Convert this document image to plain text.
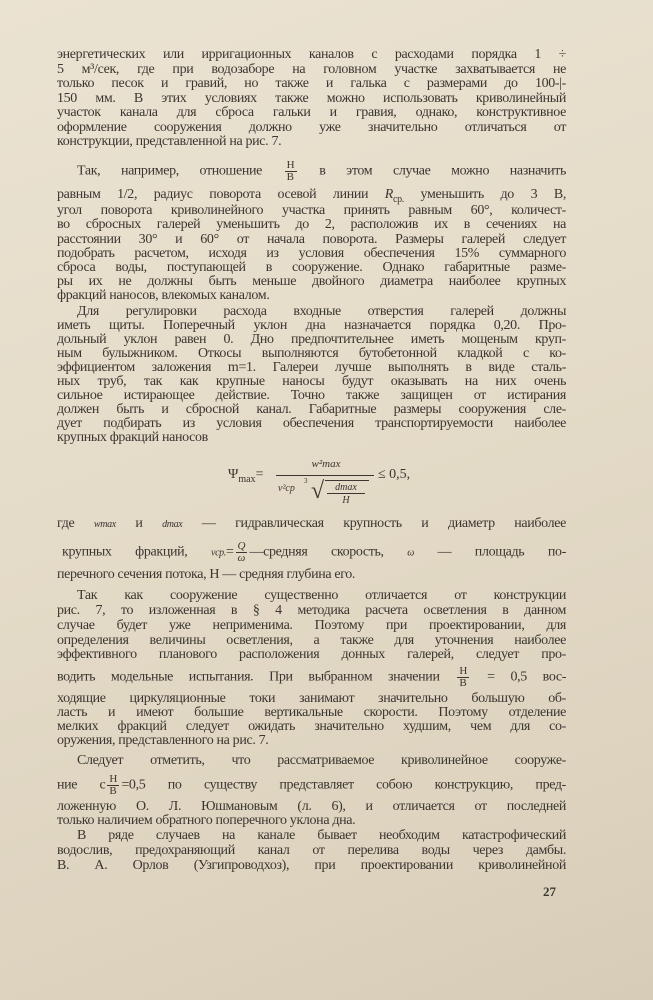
энергетических или ирригационных каналов с расходами порядка 1 ÷
5 м³/сек, где при водозаборе на головном участке захватывается не
только песок и гравий, но также и галька с размерами до 100-|-
150 мм. В этих условиях также можно использовать криволинейный
участок канала для сброса гальки и гравия, однако, конструктивное
оформление сооружения должно уже значительно отличаться от
конструкции, представленной на рис. 7.
Так, например, отношение $\frac{H}{B}$ в этом случае можно назначить
равным 1/2, радиус поворота осевой линии $R_{ср.}$ уменьшить до 3 В,
угол поворота криволинейного участка принять равным 60°, количест-
во сбросных галерей уменьшить до 2, расположив их в сечениях на
расстоянии 30° и 60° от начала поворота. Размеры галерей следует
подобрать расчетом, исходя из условия обеспечения 15% суммарного
сброса воды, поступающей в сооружение. Однако габаритные разме-
ры их не должны быть меньше двойного диаметра наиболее крупных
фракций наносов, влекомых каналом.
Для регулировки расхода входные отверстия галерей должны
иметь щиты. Поперечный уклон дна назначается порядка 0,20. Про-
дольный уклон равен 0. Дно предпочтительнее иметь мощеным круп-
ным булыжником. Откосы выполняются бутобетонной кладкой с ко-
эффициентом заложения m=1. Галереи лучше выполнять в виде сталь-
ных труб, так как крупные наносы будут оказывать на них очень
сильное истирающее действие. Точно также защищен от истирания
должен быть и сбросной канал. Габаритные размеры сооружения сле-
дует подбирать из условия обеспечения транспортируемости наиболее
крупных фракций наносов
$\Psi_{max}=$
w²max
v²cp
3 √	dmax
H
≤ 0,5,
где wmax и dmax — гидравлическая крупность и диаметр наиболее
крупных фракций, $vср.= \frac{Q}{\omega}$ —средняя скорость, ω — площадь по-
перечного сечения потока, H — средняя глубина его.
Так как сооружение существенно отличается от конструкции
рис. 7, то изложенная в § 4 методика расчета осветления в данном
случае будет уже неприменима. Поэтому при проектировании, для
определения величины осветления, а также для уточнения наиболее
эффективного планового расположения донных галерей, следует про-
водить модельные испытания. При выбранном значении $\frac{H}{B} = 0,5$ вос-
ходящие циркуляционные токи занимают значительно большую об-
ласть и имеют большие вертикальные скорости. Поэтому отделение
мелких фракций следует ожидать значительно худшим, чем для со-
оружения, представленного на рис. 7.
Следует отметить, что рассматриваемое криволинейное сооруже-
ние с $\frac{H}{B} =0,5$ по существу представляет собою конструкцию, пред-
ложенную О. Л. Юшмановым (л. 6), и отличается от последней
только наличием обратного поперечного уклона дна.
В ряде случаев на канале бывает необходим катастрофический
водослив, предохраняющий канал от перелива воды через дамбы.
В. А. Орлов (Узгипроводхоз), при проектировании криволинейной
27
